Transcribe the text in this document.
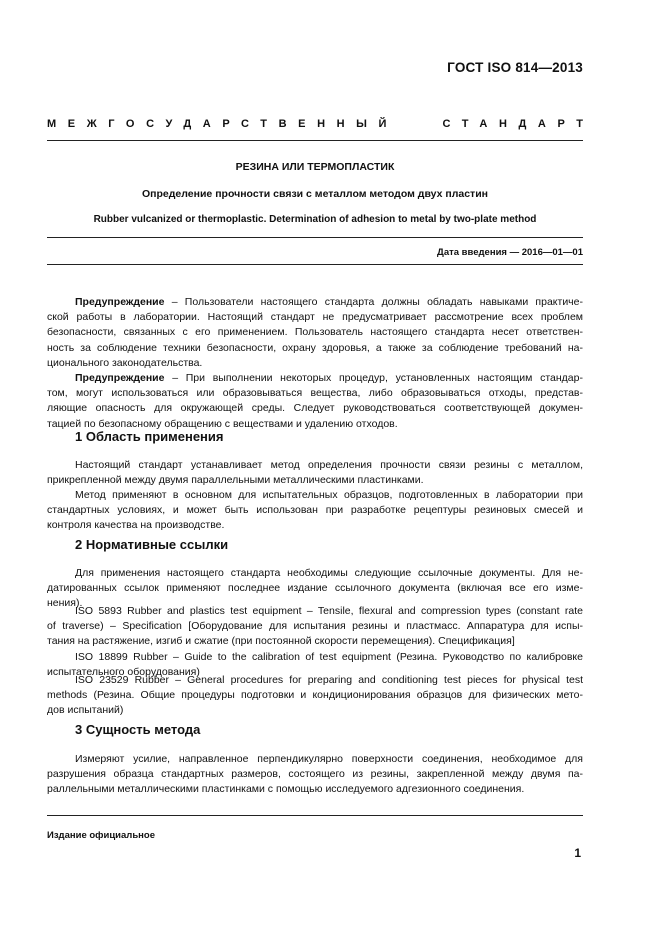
ГОСТ ISO 814—2013
МЕЖГОСУДАРСТВЕННЫЙ	СТАНДАРТ
РЕЗИНА ИЛИ ТЕРМОПЛАСТИК
Определение прочности связи с металлом методом двух пластин
Rubber vulcanized or thermoplastic. Determination of adhesion to metal by two-plate method
Дата введения — 2016—01—01
Предупреждение – Пользователи настоящего стандарта должны обладать навыками практиче-
ской работы в лаборатории. Настоящий стандарт не предусматривает рассмотрение всех проблем
безопасности, связанных с его применением. Пользователь настоящего стандарта несет ответствен-
ность за соблюдение техники безопасности, охрану здоровья, а также за соблюдение требований на-
ционального законодательства.
Предупреждение – При выполнении некоторых процедур, установленных настоящим стандар-
том, могут использоваться или образовываться вещества, либо образовываться отходы, представ-
ляющие опасность для окружающей среды. Следует руководствоваться соответствующей докумен-
тацией по безопасному обращению с веществами и удалению отходов.
1 Область применения
Настоящий стандарт устанавливает метод определения прочности связи резины с металлом,
прикрепленной между двумя параллельными металлическими пластинками.
Метод применяют в основном для испытательных образцов, подготовленных в лаборатории при
стандартных условиях, и может быть использован при разработке рецептуры резиновых смесей и
контроля качества на производстве.
2 Нормативные ссылки
Для применения настоящего стандарта необходимы следующие ссылочные документы. Для не-
датированных ссылок применяют последнее издание ссылочного документа (включая все его изме-
нения).
ISO 5893 Rubber and plastics test equipment – Tensile, flexural and compression types (constant rate
of traverse) – Specification [Оборудование для испытания резины и пластмасс. Аппаратура для испы-
тания на растяжение, изгиб и сжатие (при постоянной скорости перемещения). Спецификация]
ISO 18899 Rubber – Guide to the calibration of test equipment (Резина. Руководство по калибровке
испытательного оборудования)
ISO 23529 Rubber – General procedures for preparing and conditioning test pieces for physical test
methods (Резина. Общие процедуры подготовки и кондиционирования образцов для физических мето-
дов испытаний)
3 Сущность метода
Измеряют усилие, направленное перпендикулярно поверхности соединения, необходимое для
разрушения образца стандартных размеров, состоящего из резины, закрепленной между двумя па-
раллельными металлическими пластинками с помощью исследуемого адгезионного соединения.
Издание официальное
1
